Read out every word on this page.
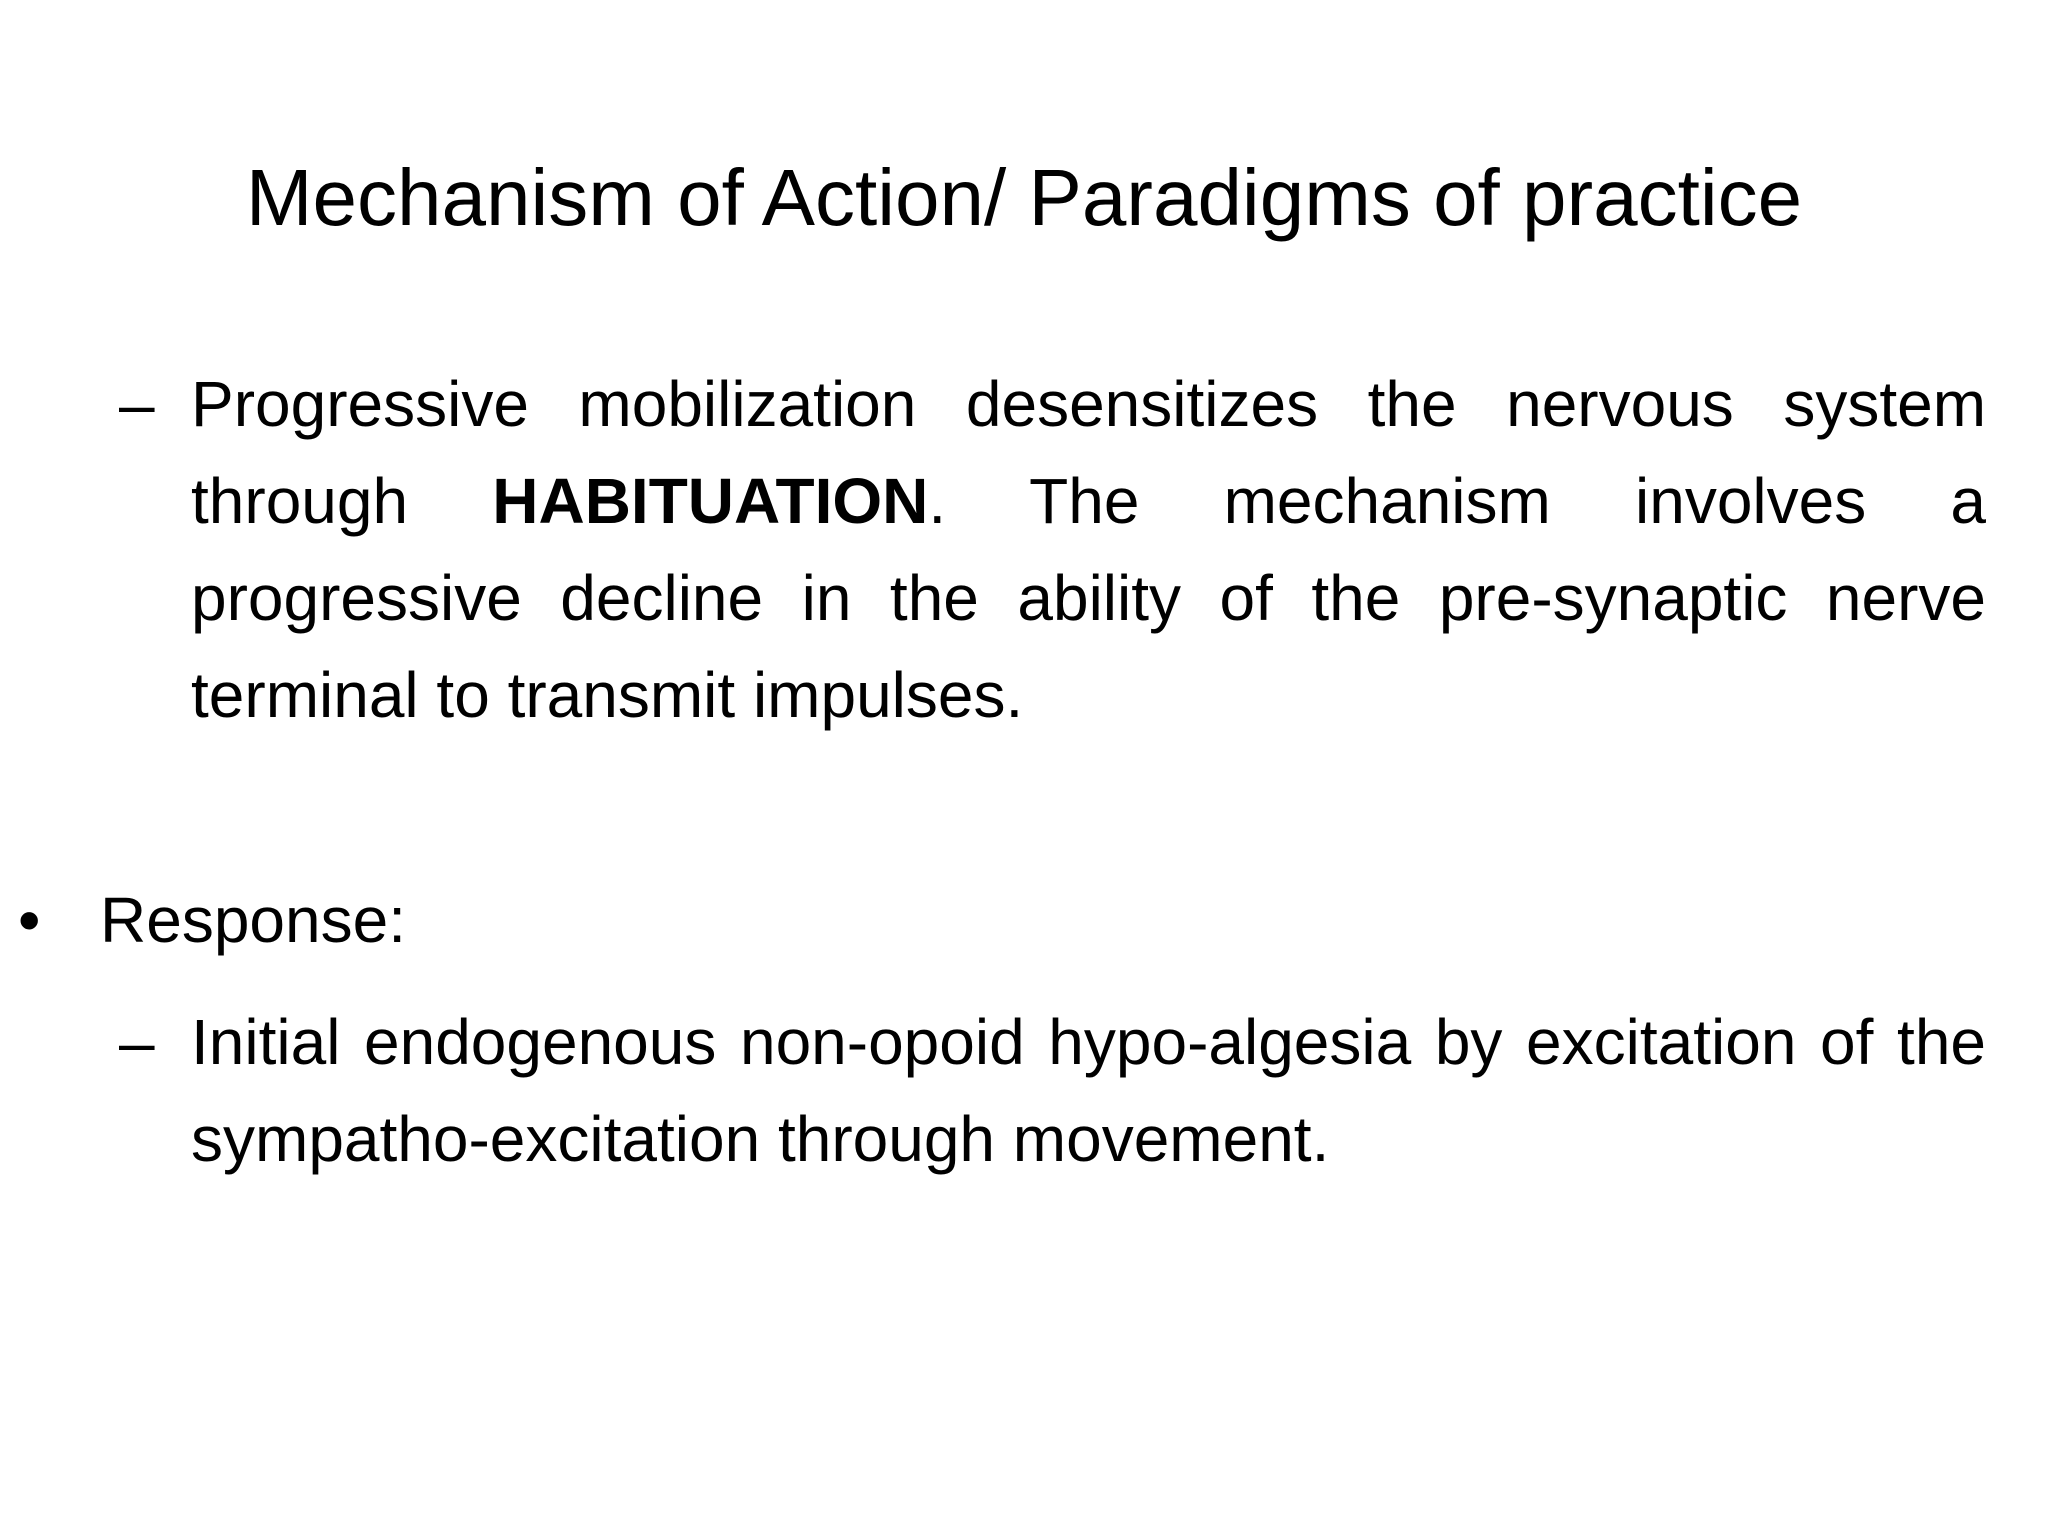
Mechanism of Action/ Paradigms of practice
– Progressive mobilization desensitizes the nervous system through HABITUATION. The mechanism involves a progressive decline in the ability of the pre-synaptic nerve terminal to transmit impulses.
• Response:
– Initial endogenous non-opoid hypo-algesia by excitation of the sympatho-excitation through movement.
